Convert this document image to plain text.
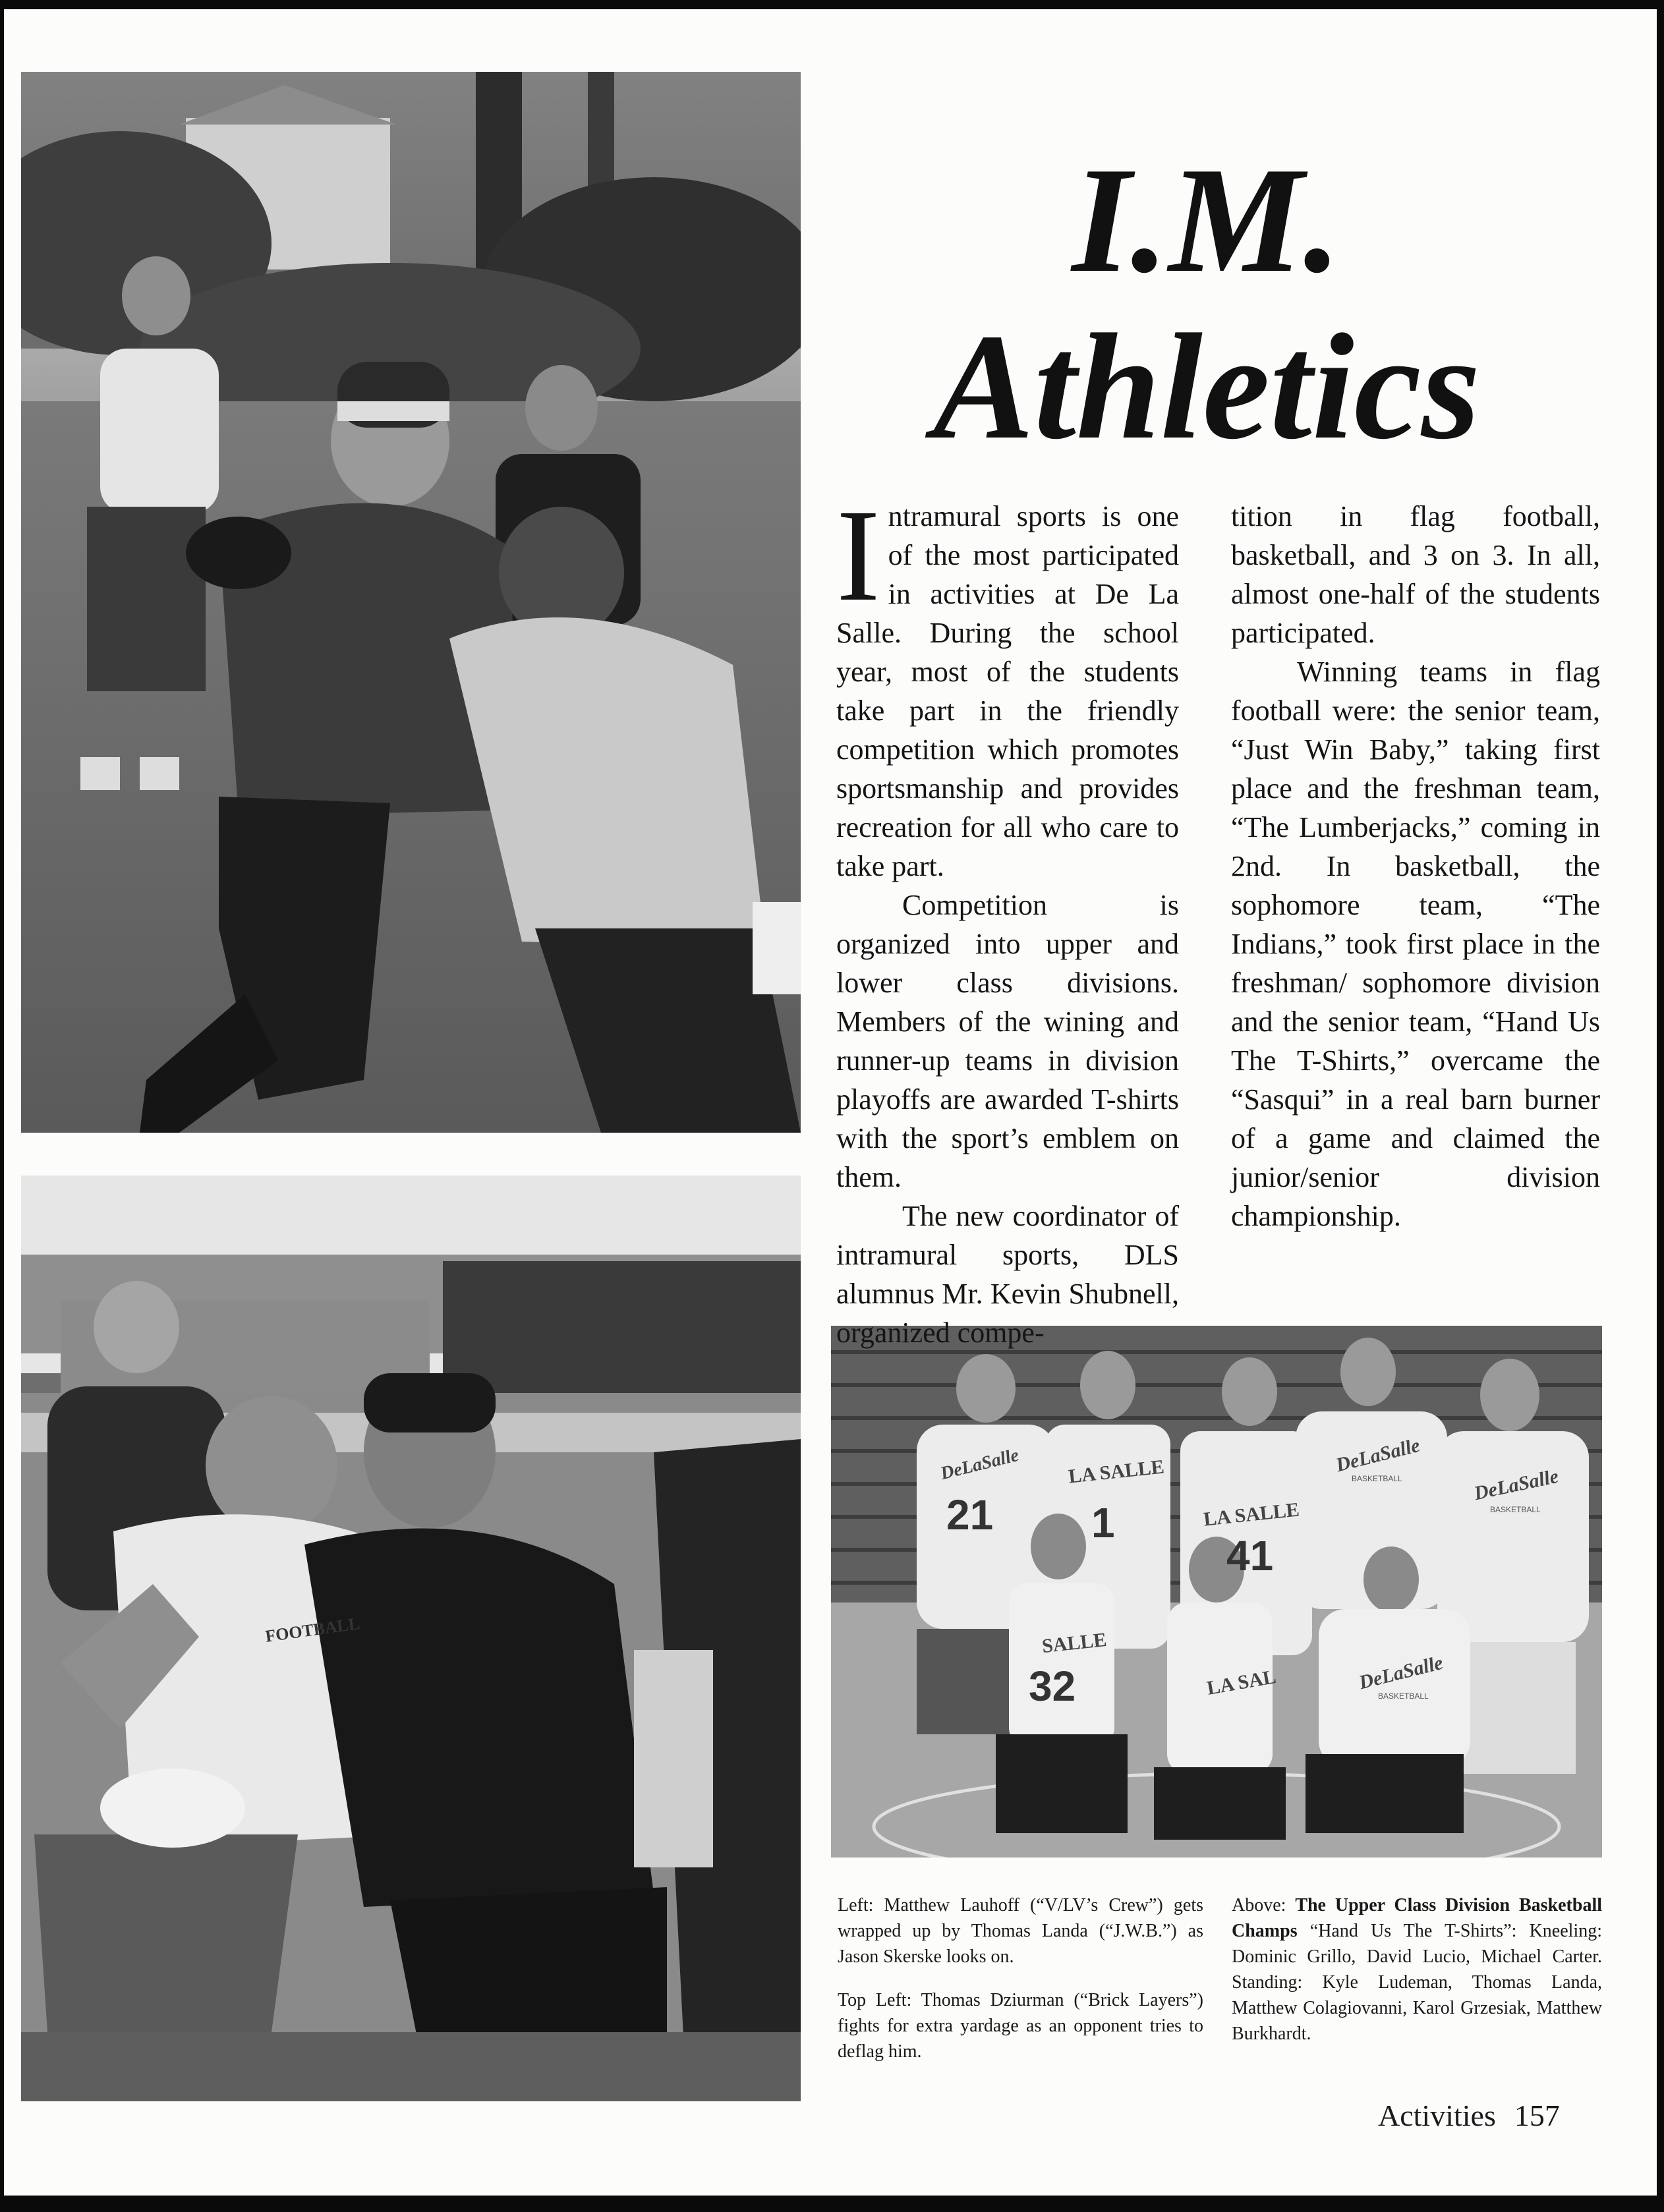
FOOTBALL
21 1
41
32
LA SALLE
LA SALLE
SALLE
LA SAL
DeLaSalle	DeLaSalle
DeLaSalle
DeLaSalle
BASKETBALL
BASKETBALL
BASKETBALL
I.M.
Athletics

Intramural sports is one of the most participated in activities at De La Salle. During the school year, most of the students take part in the friendly competition which promotes sportsmanship and provides recreation for all who care to take part.

Competition is organized into upper and lower class divisions. Members of the wining and runner-up teams in division playoffs are awarded T-shirts with the sport’s emblem on them.

The new coordinator of intramural sports, DLS alumnus Mr. Kevin Shubnell, organized compe-

tition in flag football, basketball, and 3 on 3. In all, almost one-half of the students participated.

Winning teams in flag football were: the senior team, “Just Win Baby,” taking first place and the freshman team, “The Lumberjacks,” coming in 2nd. In basketball, the sophomore team, “The Indians,” took first place in the freshman/ sophomore division and the senior team, “Hand Us The T-Shirts,” overcame the “Sasqui” in a real barn burner of a game and claimed the junior/senior division championship.

Left: Matthew Lauhoff (“V/LV’s Crew”) gets wrapped up by Thomas Landa (“J.W.B.”) as Jason Skerske looks on.

Top Left: Thomas Dziurman (“Brick Layers”) fights for extra yardage as an opponent tries to deflag him.

Above: The Upper Class Division Basketball Champs “Hand Us The T-Shirts”: Kneeling: Dominic Grillo, David Lucio, Michael Carter. Standing: Kyle Ludeman, Thomas Landa, Matthew Colagiovanni, Karol Grzesiak, Matthew Burkhardt.

Activities 157
